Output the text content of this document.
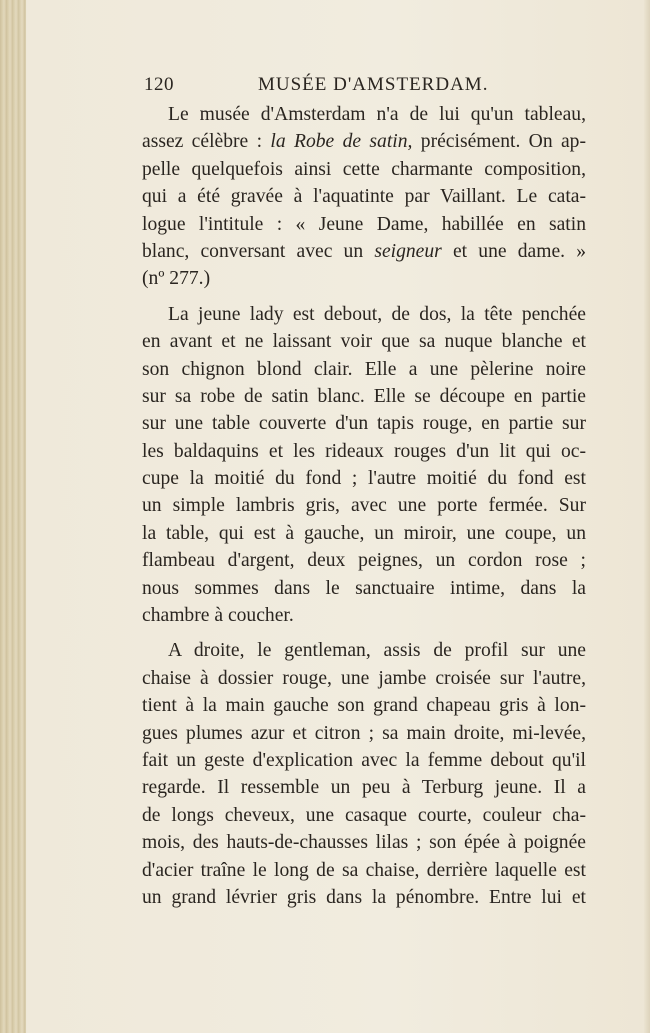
120	MUSÉE D'AMSTERDAM.
Le musée d'Amsterdam n'a de lui qu'un tableau,
assez célèbre : la Robe de satin, précisément. On ap-
pelle quelquefois ainsi cette charmante composition,
qui a été gravée à l'aquatinte par Vaillant. Le cata-
logue l'intitule : « Jeune Dame, habillée en satin
blanc, conversant avec un seigneur et une dame. »
(nº 277.)
La jeune lady est debout, de dos, la tête penchée
en avant et ne laissant voir que sa nuque blanche et
son chignon blond clair. Elle a une pèlerine noire
sur sa robe de satin blanc. Elle se découpe en partie
sur une table couverte d'un tapis rouge, en partie sur
les baldaquins et les rideaux rouges d'un lit qui oc-
cupe la moitié du fond ; l'autre moitié du fond est
un simple lambris gris, avec une porte fermée. Sur
la table, qui est à gauche, un miroir, une coupe, un
flambeau d'argent, deux peignes, un cordon rose ;
nous sommes dans le sanctuaire intime, dans la
chambre à coucher.
A droite, le gentleman, assis de profil sur une
chaise à dossier rouge, une jambe croisée sur l'autre,
tient à la main gauche son grand chapeau gris à lon-
gues plumes azur et citron ; sa main droite, mi-levée,
fait un geste d'explication avec la femme debout qu'il
regarde. Il ressemble un peu à Terburg jeune. Il a
de longs cheveux, une casaque courte, couleur cha-
mois, des hauts-de-chausses lilas ; son épée à poignée
d'acier traîne le long de sa chaise, derrière laquelle est
un grand lévrier gris dans la pénombre. Entre lui et
